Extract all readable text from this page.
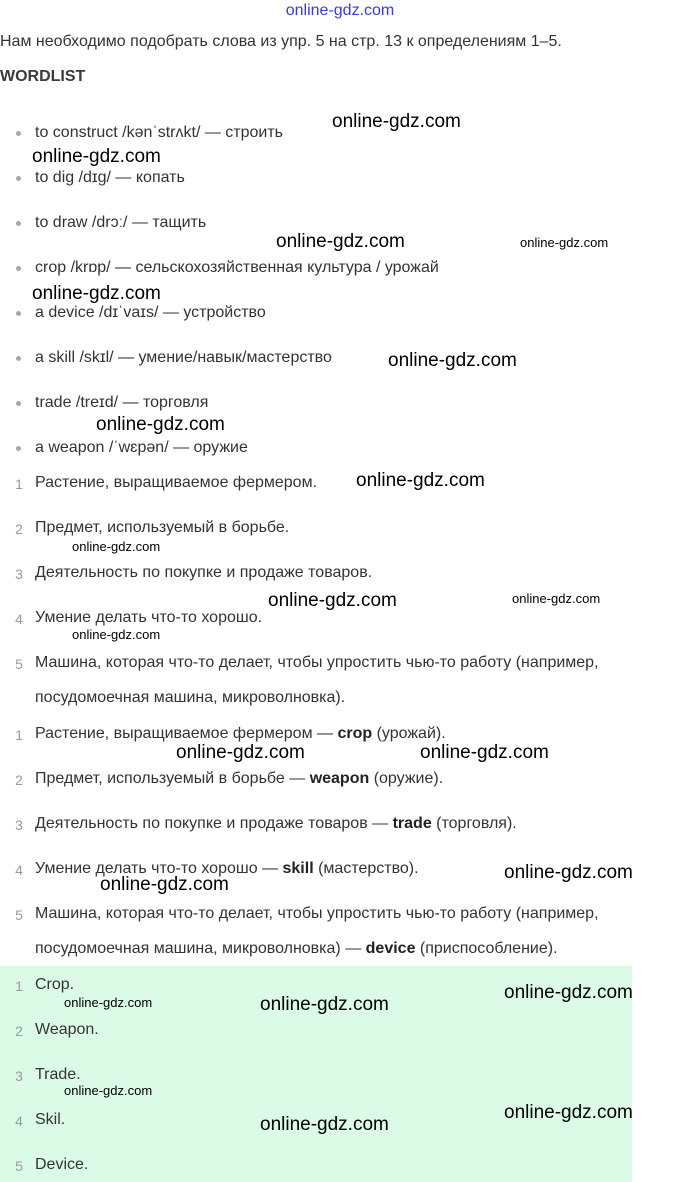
online-gdz.com
Нам необходимо подобрать слова из упр. 5 на стр. 13 к определениям 1–5.
WORDLIST
to construct /kənˈstrʌkt/ — строить
to dig /dɪɡ/ — копать
to draw /drɔː/ — тащить
crop /krɒp/ — сельскохозяйственная культура / урожай
a device /dɪˈvaɪs/ — устройство
a skill /skɪl/ — умение/навык/мастерство
trade /treɪd/ — торговля
a weapon /ˈwɛpən/ — оружие
1 Растение, выращиваемое фермером.
2 Предмет, используемый в борьбе.
3 Деятельность по покупке и продаже товаров.
4 Умение делать что-то хорошо.
5 Машина, которая что-то делает, чтобы упростить чью-то работу (например,
посудомоечная машина, микроволновка).
1 Растение, выращиваемое фермером — crop (урожай).
2 Предмет, используемый в борьбе — weapon (оружие).
3 Деятельность по покупке и продаже товаров — trade (торговля).
4 Умение делать что-то хорошо — skill (мастерство).
5 Машина, которая что-то делает, чтобы упростить чью-то работу (например,
посудомоечная машина, микроволновка) — device (приспособление).
1 Crop.
2 Weapon.
3 Trade.
4 Skil.
5 Device.
online-gdz.com
online-gdz.com
online-gdz.com	online-gdz.com
online-gdz.com
online-gdz.com
online-gdz.com
online-gdz.com
online-gdz.com
online-gdz.com	online-gdz.com
online-gdz.com
online-gdz.com	online-gdz.com
online-gdz.com
online-gdz.com
online-gdz.com
online-gdz.com	online-gdz.com
online-gdz.com
online-gdz.com
online-gdz.com
